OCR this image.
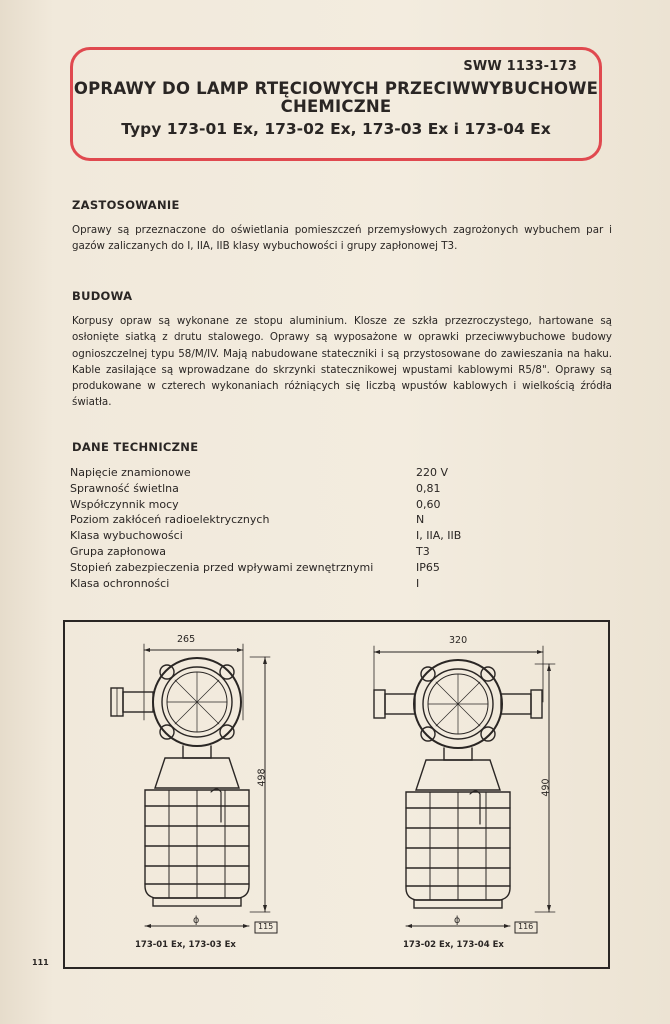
SWW 1133-173
OPRAWY DO LAMP RTĘCIOWYCH PRZECIWWYBUCHOWE CHEMICZNE
Typy 173-01 Ex, 173-02 Ex, 173-03 Ex i 173-04 Ex
ZASTOSOWANIE
Oprawy są przeznaczone do oświetlania pomieszczeń przemysłowych zagrożonych wybuchem par i gazów zaliczanych do I, IIA, IIB klasy wybuchowości i grupy zapłonowej T3.
BUDOWA
Korpusy opraw są wykonane ze stopu aluminium. Klosze ze szkła przezroczystego, hartowane są osłonięte siatką z drutu stalowego. Oprawy są wyposażone w oprawki przeciwwybuchowe budowy ognioszczelnej typu 58/M/IV. Mają nabudowane stateczniki i są przystosowane do zawieszania na haku. Kable zasilające są wprowadzane do skrzynki statecznikowej wpustami kablowymi R5/8". Oprawy są produkowane w czterech wykonaniach różniących się liczbą wpustów kablowych i wielkością źródła światła.
DANE TECHNICZNE
Napięcie znamionowe	220 V
Sprawność świetlna	0,81
Współczynnik mocy	0,60
Poziom zakłóceń radioelektrycznych	N
Klasa wybuchowości	I, IIA, IIB
Grupa zapłonowa	T3
Stopień zabezpieczenia przed wpływami zewnętrznymi	IP65
Klasa ochronności	I
265
498
ϕ
115
173-01 Ex, 173-03 Ex
320
490
ϕ
116
173-02 Ex, 173-04 Ex
111
